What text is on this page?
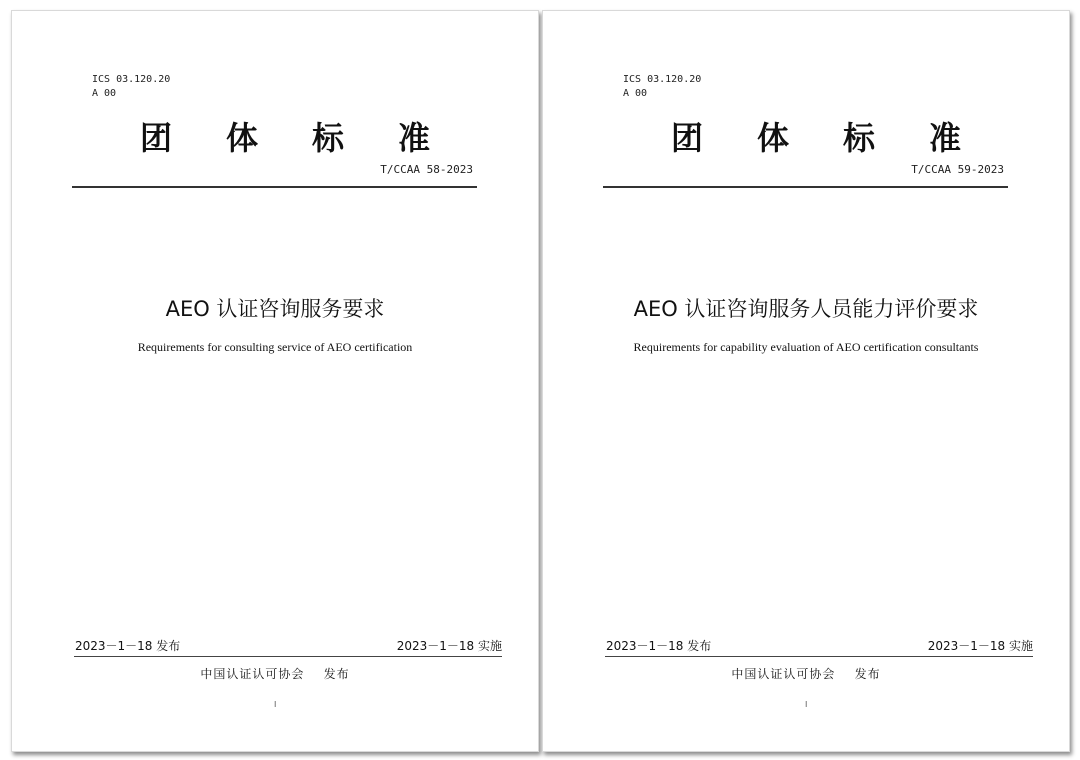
ICS 03.120.20
A 00
团 体 标 准
T/CCAA 58-2023
AEO 认证咨询服务要求
Requirements for consulting service of AEO certification
2023－1－18 发布	2023－1－18 实施
中国认证认可协会    发布
I
ICS 03.120.20
A 00
团 体 标 准
T/CCAA 59-2023
AEO 认证咨询服务人员能力评价要求
Requirements for capability evaluation of AEO certification consultants
2023－1－18 发布	2023－1－18 实施
中国认证认可协会    发布
I
